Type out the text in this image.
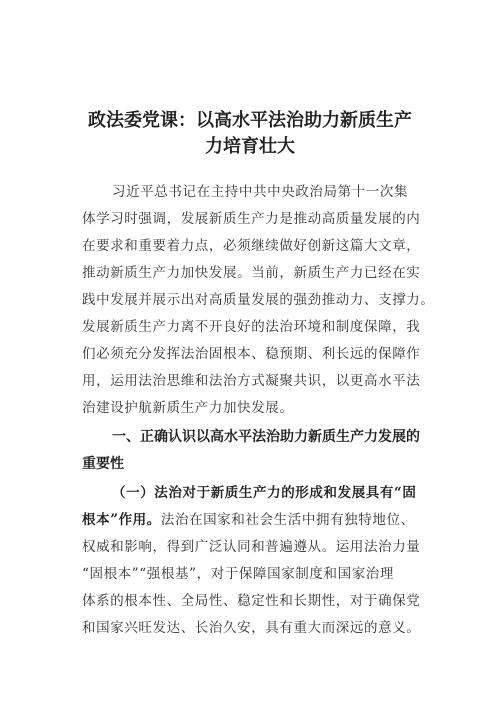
政法委党课：以高水平法治助力新质生产
力培育壮大

习近平总书记在主持中共中央政治局第十一次集

体学习时强调，发展新质生产力是推动高质量发展的内

在要求和重要着力点，必须继续做好创新这篇大文章，

推动新质生产力加快发展。当前，新质生产力已经在实

践中发展并展示出对高质量发展的强劲推动力、支撑力。

发展新质生产力离不开良好的法治环境和制度保障，我

们必须充分发挥法治固根本、稳预期、利长远的保障作

用，运用法治思维和法治方式凝聚共识，以更高水平法

治建设护航新质生产力加快发展。

一、正确认识以高水平法治助力新质生产力发展的
重要性

（一）法治对于新质生产力的形成和发展具有“固

根本”作用。法治在国家和社会生活中拥有独特地位、

权威和影响，得到广泛认同和普遍遵从。运用法治力量

“固根本”“强根基”，对于保障国家制度和国家治理

体系的根本性、全局性、稳定性和长期性，对于确保党

和国家兴旺发达、长治久安，具有重大而深远的意义。
